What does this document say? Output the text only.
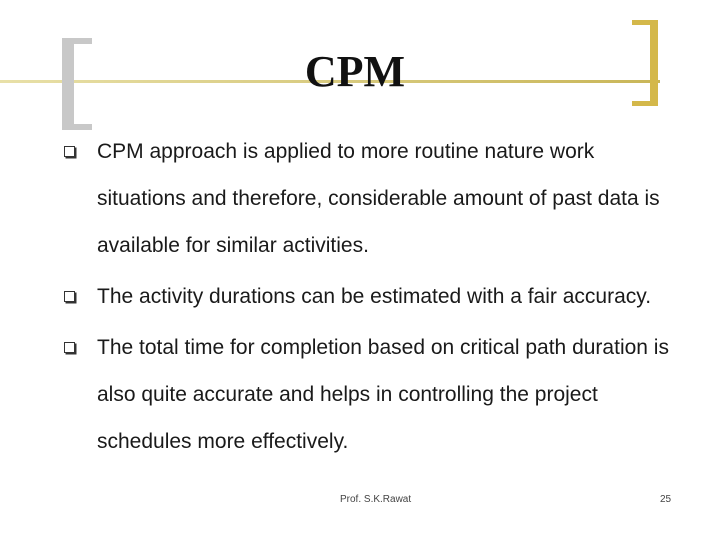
CPM
CPM approach is applied to more routine nature work situations and therefore, considerable amount of past data is available for similar activities.
The activity durations can be estimated with a fair accuracy.
The total time for completion based on critical path duration is also quite accurate and helps in controlling the project schedules more effectively.
Prof. S.K.Rawat	25
